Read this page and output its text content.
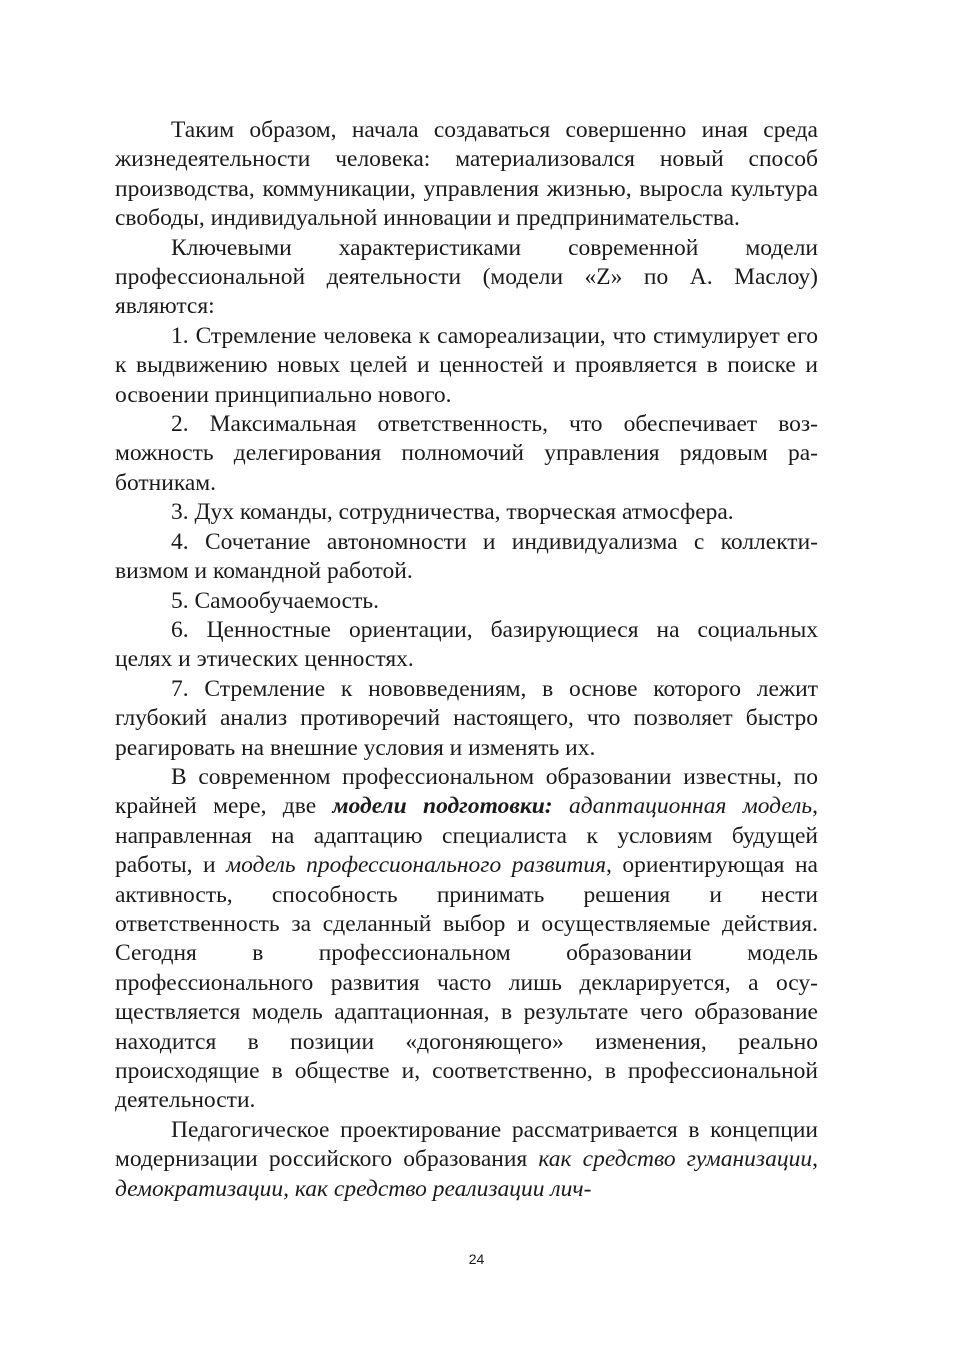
Таким образом, начала создаваться совершенно иная среда жизнедеятельности человека: материализовался новый способ производства, коммуникации, управления жизнью, выросла культура свободы, индивидуальной инновации и предпринимательства.

Ключевыми характеристиками современной модели профессиональной деятельности (модели «Z» по А. Маслоу) являются:

1. Стремление человека к самореализации, что стимулирует его к выдвижению новых целей и ценностей и проявляется в поиске и освоении принципиально нового.

2. Максимальная ответственность, что обеспечивает возможность делегирования полномочий управления рядовым работникам.

3. Дух команды, сотрудничества, творческая атмосфера.

4. Сочетание автономности и индивидуализма с коллективизмом и командной работой.

5. Самообучаемость.

6. Ценностные ориентации, базирующиеся на социальных целях и этических ценностях.

7. Стремление к нововведениям, в основе которого лежит глубокий анализ противоречий настоящего, что позволяет быстро реагировать на внешние условия и изменять их.

В современном профессиональном образовании известны, по крайней мере, две модели подготовки: адаптационная модель, направленная на адаптацию специалиста к условиям будущей работы, и модель профессионального развития, ориентирующая на активность, способность принимать решения и нести ответственность за сделанный выбор и осуществляемые действия. Сегодня в профессиональном образовании модель профессионального развития часто лишь декларируется, а осуществляется модель адаптационная, в результате чего образование находится в позиции «догоняющего» изменения, реально происходящие в обществе и, соответственно, в профессиональной деятельности.

Педагогическое проектирование рассматривается в концепции модернизации российского образования как средство гуманизации, демократизации, как средство реализации лич-

24
